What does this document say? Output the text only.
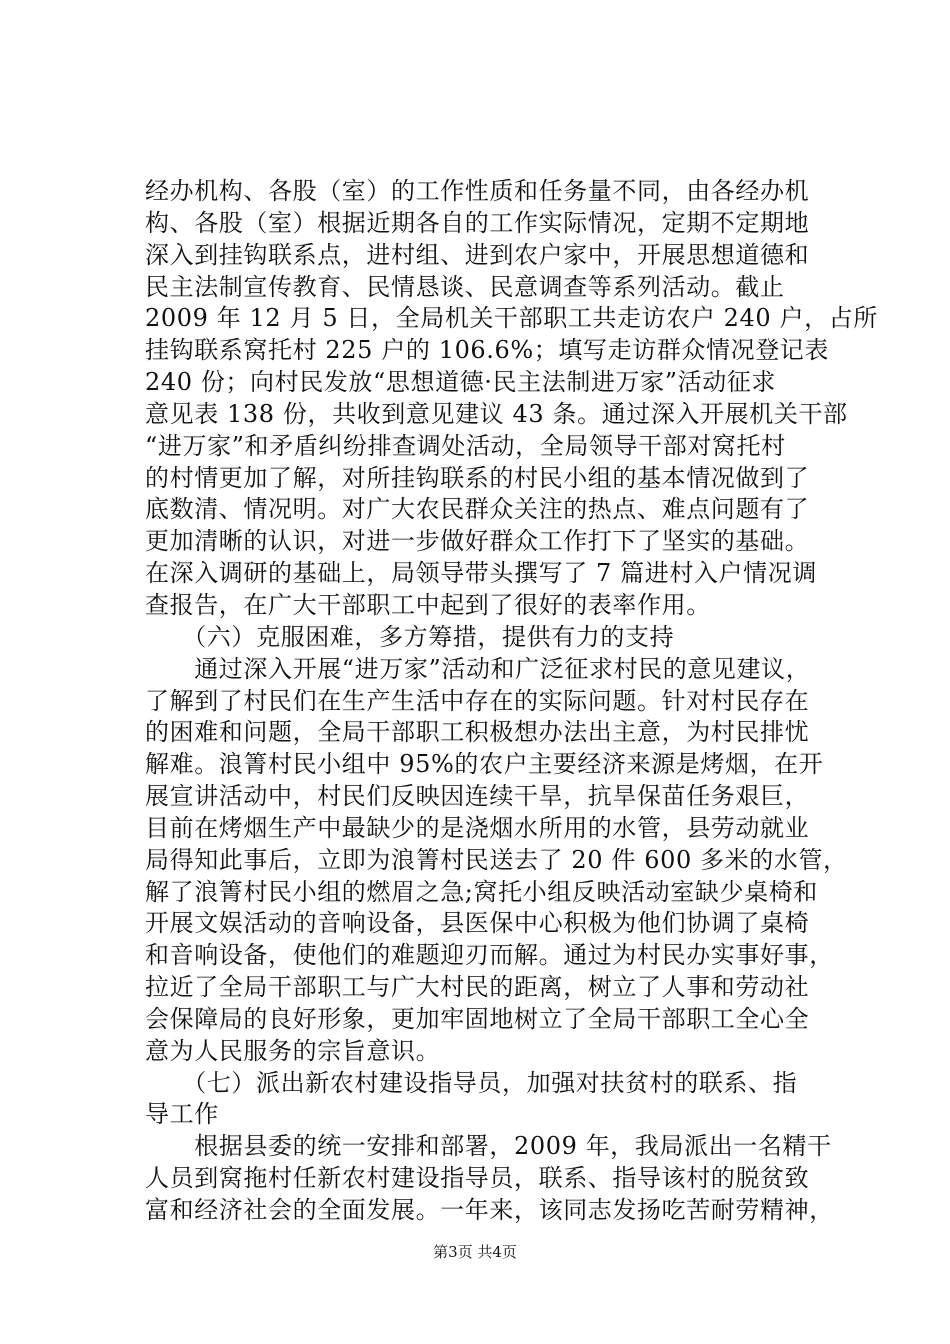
经办机构、各股（室）的工作性质和任务量不同，由各经办机
构、各股（室）根据近期各自的工作实际情况，定期不定期地
深入到挂钩联系点，进村组、进到农户家中，开展思想道德和
民主法制宣传教育、民情恳谈、民意调查等系列活动。截止
2009 年 12 月 5 日，全局机关干部职工共走访农户 240 户，占所
挂钩联系窝托村 225 户的 106.6%；填写走访群众情况登记表
240 份；向村民发放“思想道德·民主法制进万家”活动征求
意见表 138 份，共收到意见建议 43 条。通过深入开展机关干部
“进万家”和矛盾纠纷排查调处活动，全局领导干部对窝托村
的村情更加了解，对所挂钩联系的村民小组的基本情况做到了
底数清、情况明。对广大农民群众关注的热点、难点问题有了
更加清晰的认识，对进一步做好群众工作打下了坚实的基础。
在深入调研的基础上，局领导带头撰写了 7 篇进村入户情况调
查报告，在广大干部职工中起到了很好的表率作用。
　　（六）克服困难，多方筹措，提供有力的支持
　　通过深入开展“进万家”活动和广泛征求村民的意见建议，
了解到了村民们在生产生活中存在的实际问题。针对村民存在
的困难和问题，全局干部职工积极想办法出主意，为村民排忧
解难。浪箐村民小组中 95%的农户主要经济来源是烤烟，在开
展宣讲活动中，村民们反映因连续干旱，抗旱保苗任务艰巨，
目前在烤烟生产中最缺少的是浇烟水所用的水管，县劳动就业
局得知此事后，立即为浪箐村民送去了 20 件 600 多米的水管，
解了浪箐村民小组的燃眉之急;窝托小组反映活动室缺少桌椅和
开展文娱活动的音响设备，县医保中心积极为他们协调了桌椅
和音响设备，使他们的难题迎刃而解。通过为村民办实事好事，
拉近了全局干部职工与广大村民的距离，树立了人事和劳动社
会保障局的良好形象，更加牢固地树立了全局干部职工全心全
意为人民服务的宗旨意识。
　　（七）派出新农村建设指导员，加强对扶贫村的联系、指
导工作
　　根据县委的统一安排和部署，2009 年，我局派出一名精干
人员到窝拖村任新农村建设指导员，联系、指导该村的脱贫致
富和经济社会的全面发展。一年来，该同志发扬吃苦耐劳精神，
第3页 共4页
